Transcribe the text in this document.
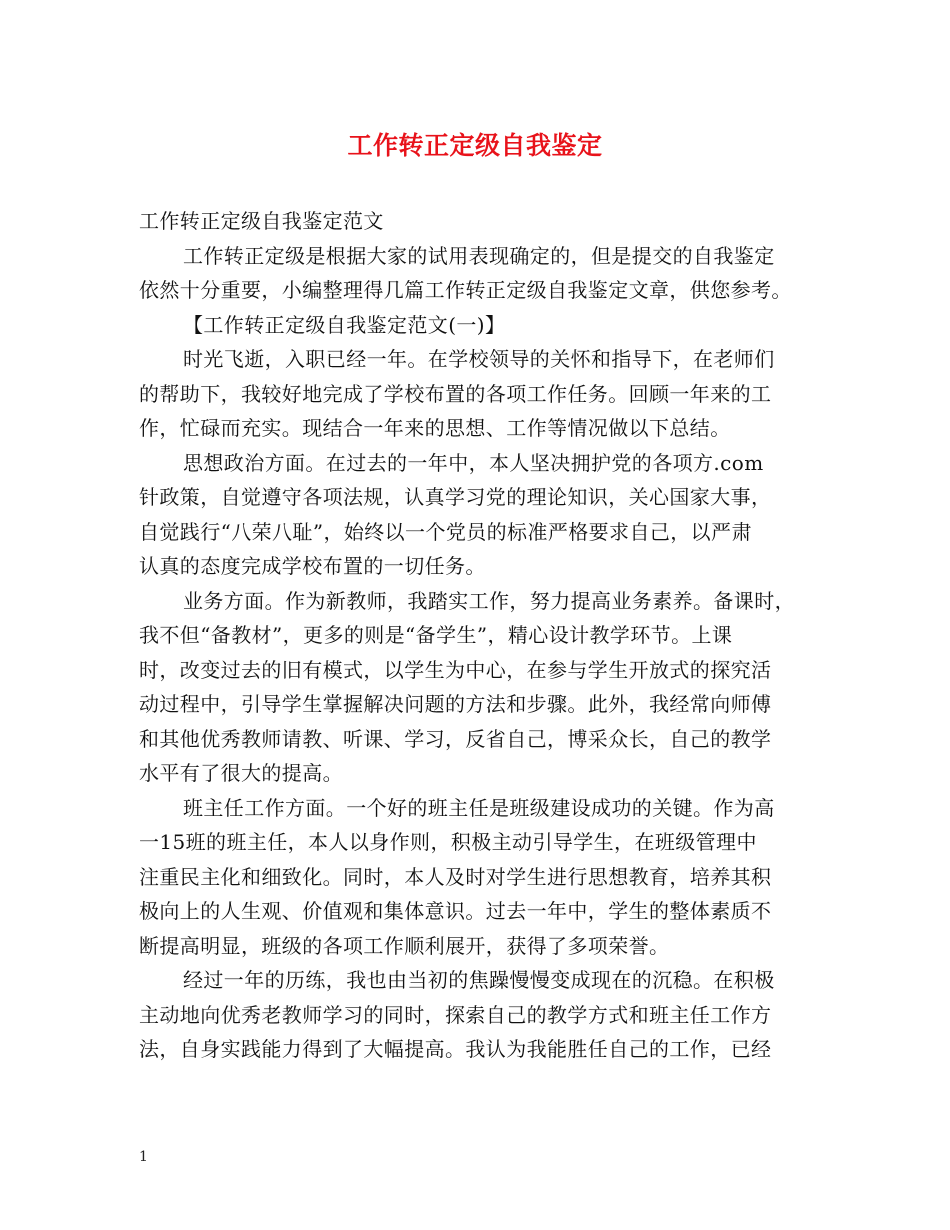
工作转正定级自我鉴定
工作转正定级自我鉴定范文
工作转正定级是根据大家的试用表现确定的，但是提交的自我鉴定
依然十分重要，小编整理得几篇工作转正定级自我鉴定文章，供您参考。
【工作转正定级自我鉴定范文(一)】
时光飞逝，入职已经一年。在学校领导的关怀和指导下，在老师们
的帮助下，我较好地完成了学校布置的各项工作任务。回顾一年来的工
作，忙碌而充实。现结合一年来的思想、工作等情况做以下总结。
思想政治方面。在过去的一年中，本人坚决拥护党的各项方.com
针政策，自觉遵守各项法规，认真学习党的理论知识，关心国家大事，
自觉践行“八荣八耻”，始终以一个党员的标准严格要求自己，以严肃
认真的态度完成学校布置的一切任务。
业务方面。作为新教师，我踏实工作，努力提高业务素养。备课时，
我不但“备教材”，更多的则是“备学生”，精心设计教学环节。上课
时，改变过去的旧有模式，以学生为中心，在参与学生开放式的探究活
动过程中，引导学生掌握解决问题的方法和步骤。此外，我经常向师傅
和其他优秀教师请教、听课、学习，反省自己，博采众长，自己的教学
水平有了很大的提高。
班主任工作方面。一个好的班主任是班级建设成功的关键。作为高
一15班的班主任，本人以身作则，积极主动引导学生，在班级管理中
注重民主化和细致化。同时，本人及时对学生进行思想教育，培养其积
极向上的人生观、价值观和集体意识。过去一年中，学生的整体素质不
断提高明显，班级的各项工作顺利展开，获得了多项荣誉。
经过一年的历练，我也由当初的焦躁慢慢变成现在的沉稳。在积极
主动地向优秀老教师学习的同时，探索自己的教学方式和班主任工作方
法，自身实践能力得到了大幅提高。我认为我能胜任自己的工作，已经
1
